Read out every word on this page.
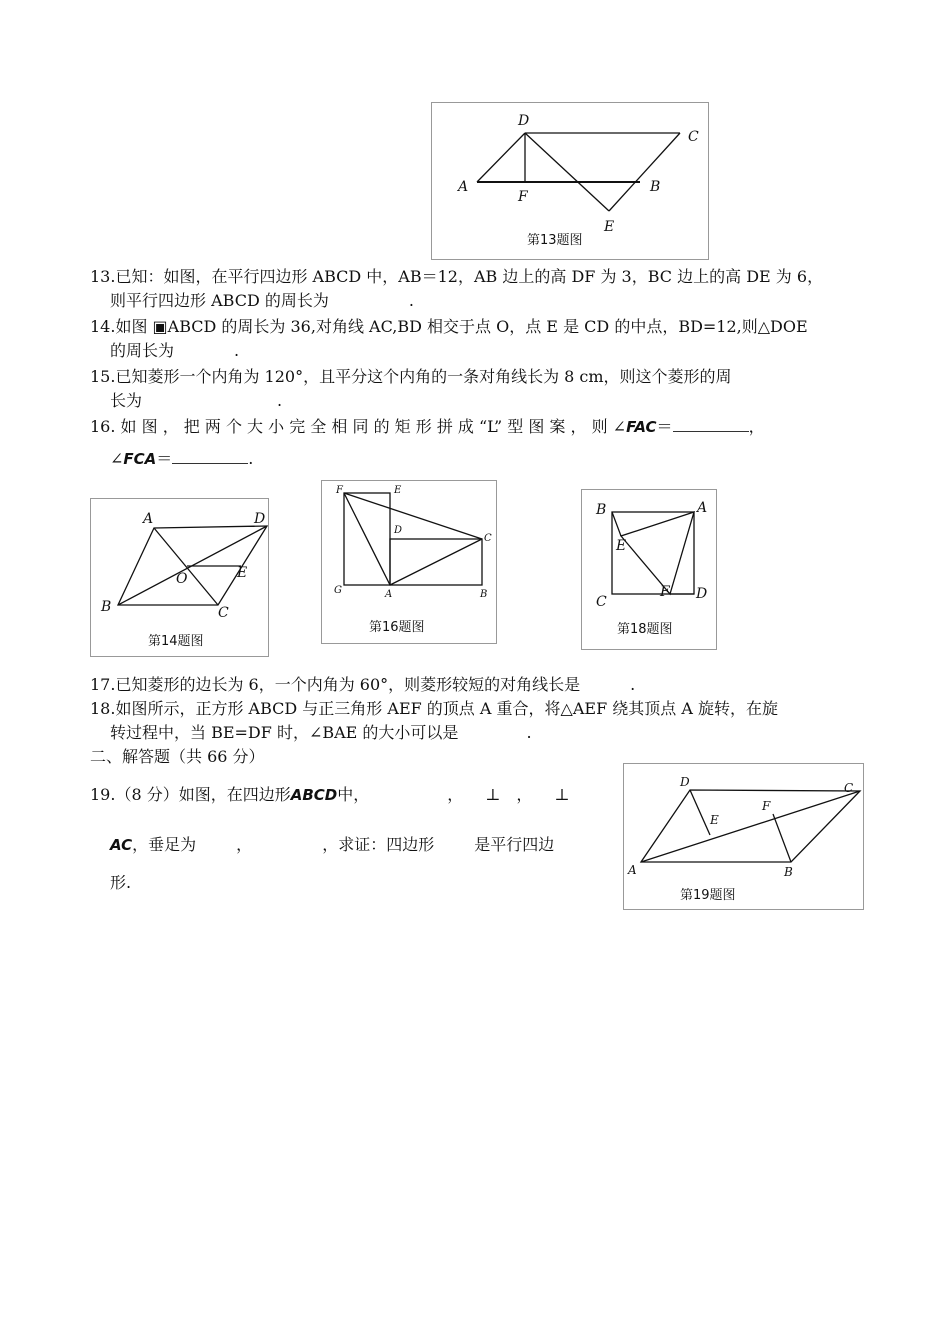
D
C
A
F
B
E
第13题图
13.已知：如图，在平行四边形 ABCD 中，AB＝12，AB 边上的高 DF 为 3，BC 边上的高 DE 为 6，
则平行四边形 ABCD 的周长为	.
14.如图 ▣ABCD 的周长为 36,对角线 AC,BD 相交于点 O，点 E 是 CD 的中点，BD=12,则△DOE
的周长为	.
15.已知菱形一个内角为 120°，且平分这个内角的一条对角线长为 8 cm，则这个菱形的周
长为	.
16. 如 图 ， 把 两 个 大 小 完 全 相 同 的 矩 形 拼 成 “L” 型 图 案 ， 则 ∠FAC＝	，
∠FCA＝	.
A	D
O	E
B	C
第14题图
F	E
D
C
G	A	B
第16题图
B	A
E
F
C	D
第18题图
17.已知菱形的边长为 6，一个内角为 60°，则菱形较短的对角线长是	.
18.如图所示，正方形 ABCD 与正三角形 AEF 的顶点 A 重合，将△AEF 绕其顶点 A 旋转，在旋
转过程中，当 BE=DF 时，∠BAE 的大小可以是	.
二、解答题（共 66 分）
19.（8 分）如图，在四边形ABCD中，	， ⊥ ， ⊥
AC，垂足为	，	，求证：四边形	是平行四边
形.
D	C
F
E
A	B
第19题图
